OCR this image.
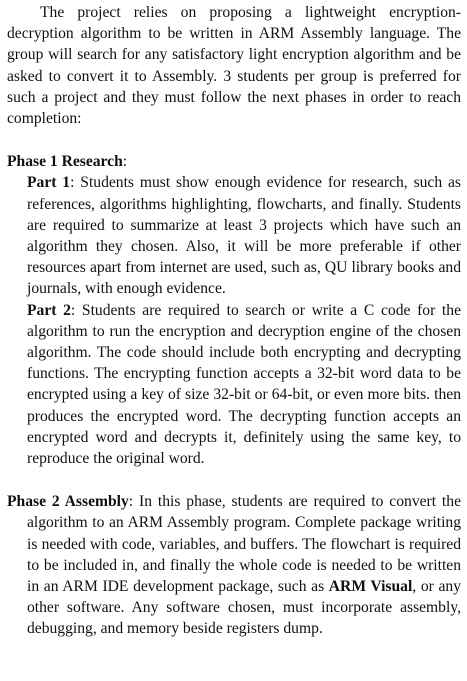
The project relies on proposing a lightweight encryption-decryption algorithm to be written in ARM Assembly language. The group will search for any satisfactory light encryption algorithm and be asked to convert it to Assembly. 3 students per group is preferred for such a project and they must follow the next phases in order to reach completion:

Phase 1 Research:

Part 1: Students must show enough evidence for research, such as references, algorithms highlighting, flowcharts, and finally. Students are required to summarize at least 3 projects which have such an algorithm they chosen. Also, it will be more preferable if other resources apart from internet are used, such as, QU library books and journals, with enough evidence.

Part 2: Students are required to search or write a C code for the algorithm to run the encryption and decryption engine of the chosen algorithm. The code should include both encrypting and decrypting functions. The encrypting function accepts a 32-bit word data to be encrypted using a key of size 32-bit or 64-bit, or even more bits. then produces the encrypted word. The decrypting function accepts an encrypted word and decrypts it, definitely using the same key, to reproduce the original word.

Phase 2 Assembly: In this phase, students are required to convert the algorithm to an ARM Assembly program. Complete package writing is needed with code, variables, and buffers. The flowchart is required to be included in, and finally the whole code is needed to be written in an ARM IDE development package, such as ARM Visual, or any other software. Any software chosen, must incorporate assembly, debugging, and memory beside registers dump.
